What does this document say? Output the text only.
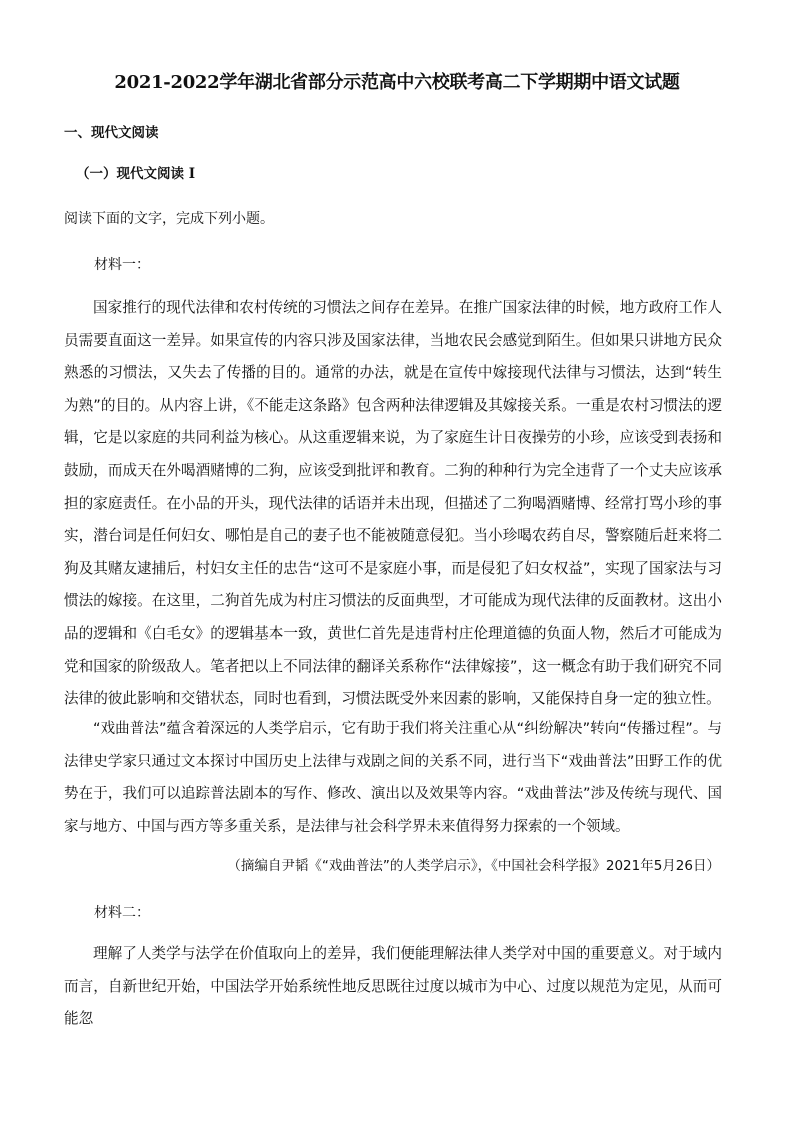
2021-2022学年湖北省部分示范高中六校联考高二下学期期中语文试题
一、现代文阅读
（一）现代文阅读 I
阅读下面的文字，完成下列小题。
材料一：

国家推行的现代法律和农村传统的习惯法之间存在差异。在推广国家法律的时候，地方政府工作人员需要直面这一差异。如果宣传的内容只涉及国家法律，当地农民会感觉到陌生。但如果只讲地方民众熟悉的习惯法，又失去了传播的目的。通常的办法，就是在宣传中嫁接现代法律与习惯法，达到“转生为熟”的目的。从内容上讲，《不能走这条路》包含两种法律逻辑及其嫁接关系。一重是农村习惯法的逻辑，它是以家庭的共同利益为核心。从这重逻辑来说，为了家庭生计日夜操劳的小珍，应该受到表扬和鼓励，而成天在外喝酒赌博的二狗，应该受到批评和教育。二狗的种种行为完全违背了一个丈夫应该承担的家庭责任。在小品的开头，现代法律的话语并未出现，但描述了二狗喝酒赌博、经常打骂小珍的事实，潜台词是任何妇女、哪怕是自己的妻子也不能被随意侵犯。当小珍喝农药自尽，警察随后赶来将二狗及其赌友逮捕后，村妇女主任的忠告“这可不是家庭小事，而是侵犯了妇女权益”，实现了国家法与习惯法的嫁接。在这里，二狗首先成为村庄习惯法的反面典型，才可能成为现代法律的反面教材。这出小品的逻辑和《白毛女》的逻辑基本一致，黄世仁首先是违背村庄伦理道德的负面人物，然后才可能成为党和国家的阶级敌人。笔者把以上不同法律的翻译关系称作“法律嫁接”，这一概念有助于我们研究不同法律的彼此影响和交错状态，同时也看到，习惯法既受外来因素的影响，又能保持自身一定的独立性。

“戏曲普法”蕴含着深远的人类学启示，它有助于我们将关注重心从“纠纷解决”转向“传播过程”。与法律史学家只通过文本探讨中国历史上法律与戏剧之间的关系不同，进行当下“戏曲普法”田野工作的优势在于，我们可以追踪普法剧本的写作、修改、演出以及效果等内容。“戏曲普法”涉及传统与现代、国家与地方、中国与西方等多重关系，是法律与社会科学界未来值得努力探索的一个领域。

（摘编自尹韬《“戏曲普法”的人类学启示》，《中国社会科学报》2021年5月26日）
材料二：

理解了人类学与法学在价值取向上的差异，我们便能理解法律人类学对中国的重要意义。对于域内而言，自新世纪开始，中国法学开始系统性地反思既往过度以城市为中心、过度以规范为定见，从而可能忽
